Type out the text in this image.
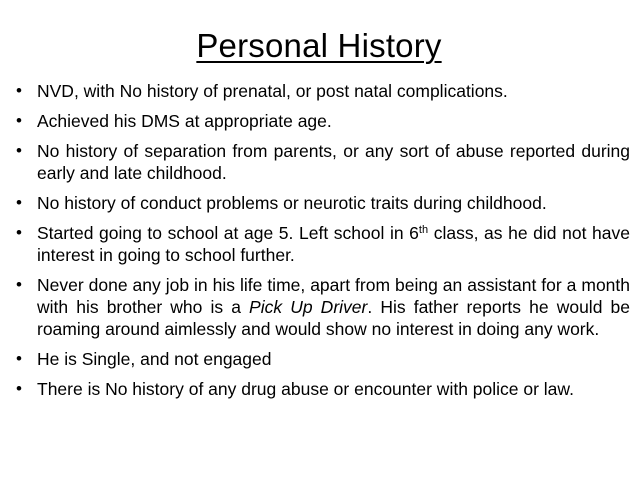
Personal History
• NVD, with No history of prenatal, or post natal complications.
• Achieved his DMS at appropriate age.
• No history of separation from parents, or any sort of abuse reported during early and late childhood.
• No history of conduct problems or neurotic traits during childhood.
• Started going to school at age 5. Left school in 6th class, as he did not have interest in going to school further.
• Never done any job in his life time, apart from being an assistant for a month with his brother who is a Pick Up Driver. His father reports he would be roaming around aimlessly and would show no interest in doing any work.
• He is Single, and not engaged
• There is No history of any drug abuse or encounter with police or law.
